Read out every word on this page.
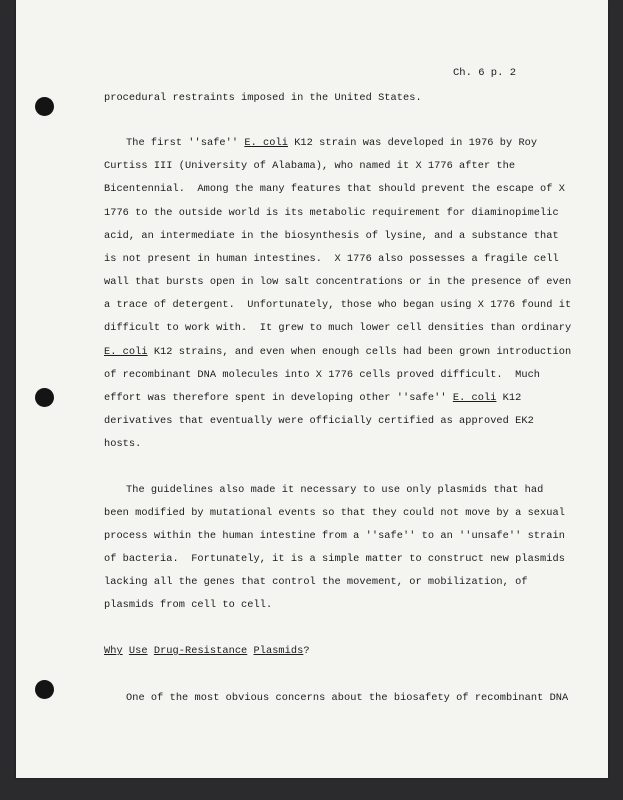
Ch. 6 p. 2
procedural restraints imposed in the United States.
The first ''safe'' E. coli K12 strain was developed in 1976 by Roy
Curtiss III (University of Alabama), who named it X 1776 after the
Bicentennial.  Among the many features that should prevent the escape of X
1776 to the outside world is its metabolic requirement for diaminopimelic
acid, an intermediate in the biosynthesis of lysine, and a substance that
is not present in human intestines.  X 1776 also possesses a fragile cell
wall that bursts open in low salt concentrations or in the presence of even
a trace of detergent.  Unfortunately, those who began using X 1776 found it
difficult to work with.  It grew to much lower cell densities than ordinary
E. coli K12 strains, and even when enough cells had been grown introduction
of recombinant DNA molecules into X 1776 cells proved difficult.  Much
effort was therefore spent in developing other ''safe'' E. coli K12
derivatives that eventually were officially certified as approved EK2
hosts.
The guidelines also made it necessary to use only plasmids that had
been modified by mutational events so that they could not move by a sexual
process within the human intestine from a ''safe'' to an ''unsafe'' strain
of bacteria.  Fortunately, it is a simple matter to construct new plasmids
lacking all the genes that control the movement, or mobilization, of
plasmids from cell to cell.
Why Use Drug-Resistance Plasmids?
One of the most obvious concerns about the biosafety of recombinant DNA
